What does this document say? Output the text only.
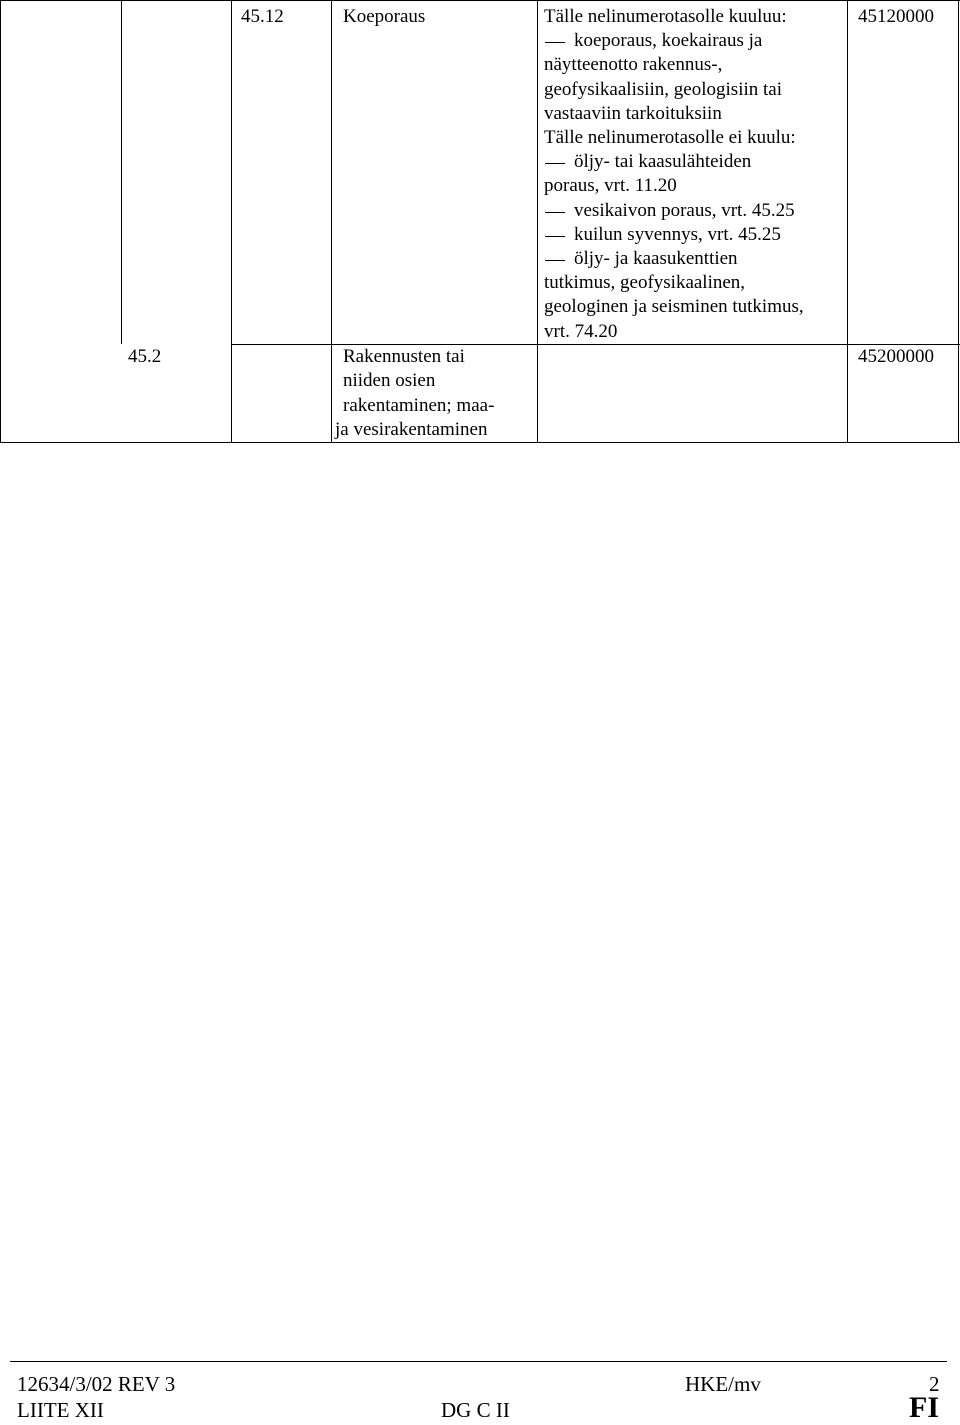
45.12	Koeporaus	Tälle nelinumerotasolle kuuluu:
koeporaus, koekairaus ja
näytteenotto rakennus-,
geofysikaalisiin, geologisiin tai
vastaaviin tarkoituksiin
Tälle nelinumerotasolle ei kuulu:
öljy- tai kaasulähteiden
poraus, vrt. 11.20
vesikaivon poraus, vrt. 45.25
kuilun syvennys, vrt. 45.25
öljy- ja kaasukenttien
tutkimus, geofysikaalinen,
geologinen ja seisminen tutkimus,
vrt. 74.20
45120000
45.2	Rakennusten tai
niiden osien
rakentaminen; maa-
ja vesirakentaminen
45200000
12634/3/02 REV 3	HKE/mv	2
LIITE XII	DG C II	FI
